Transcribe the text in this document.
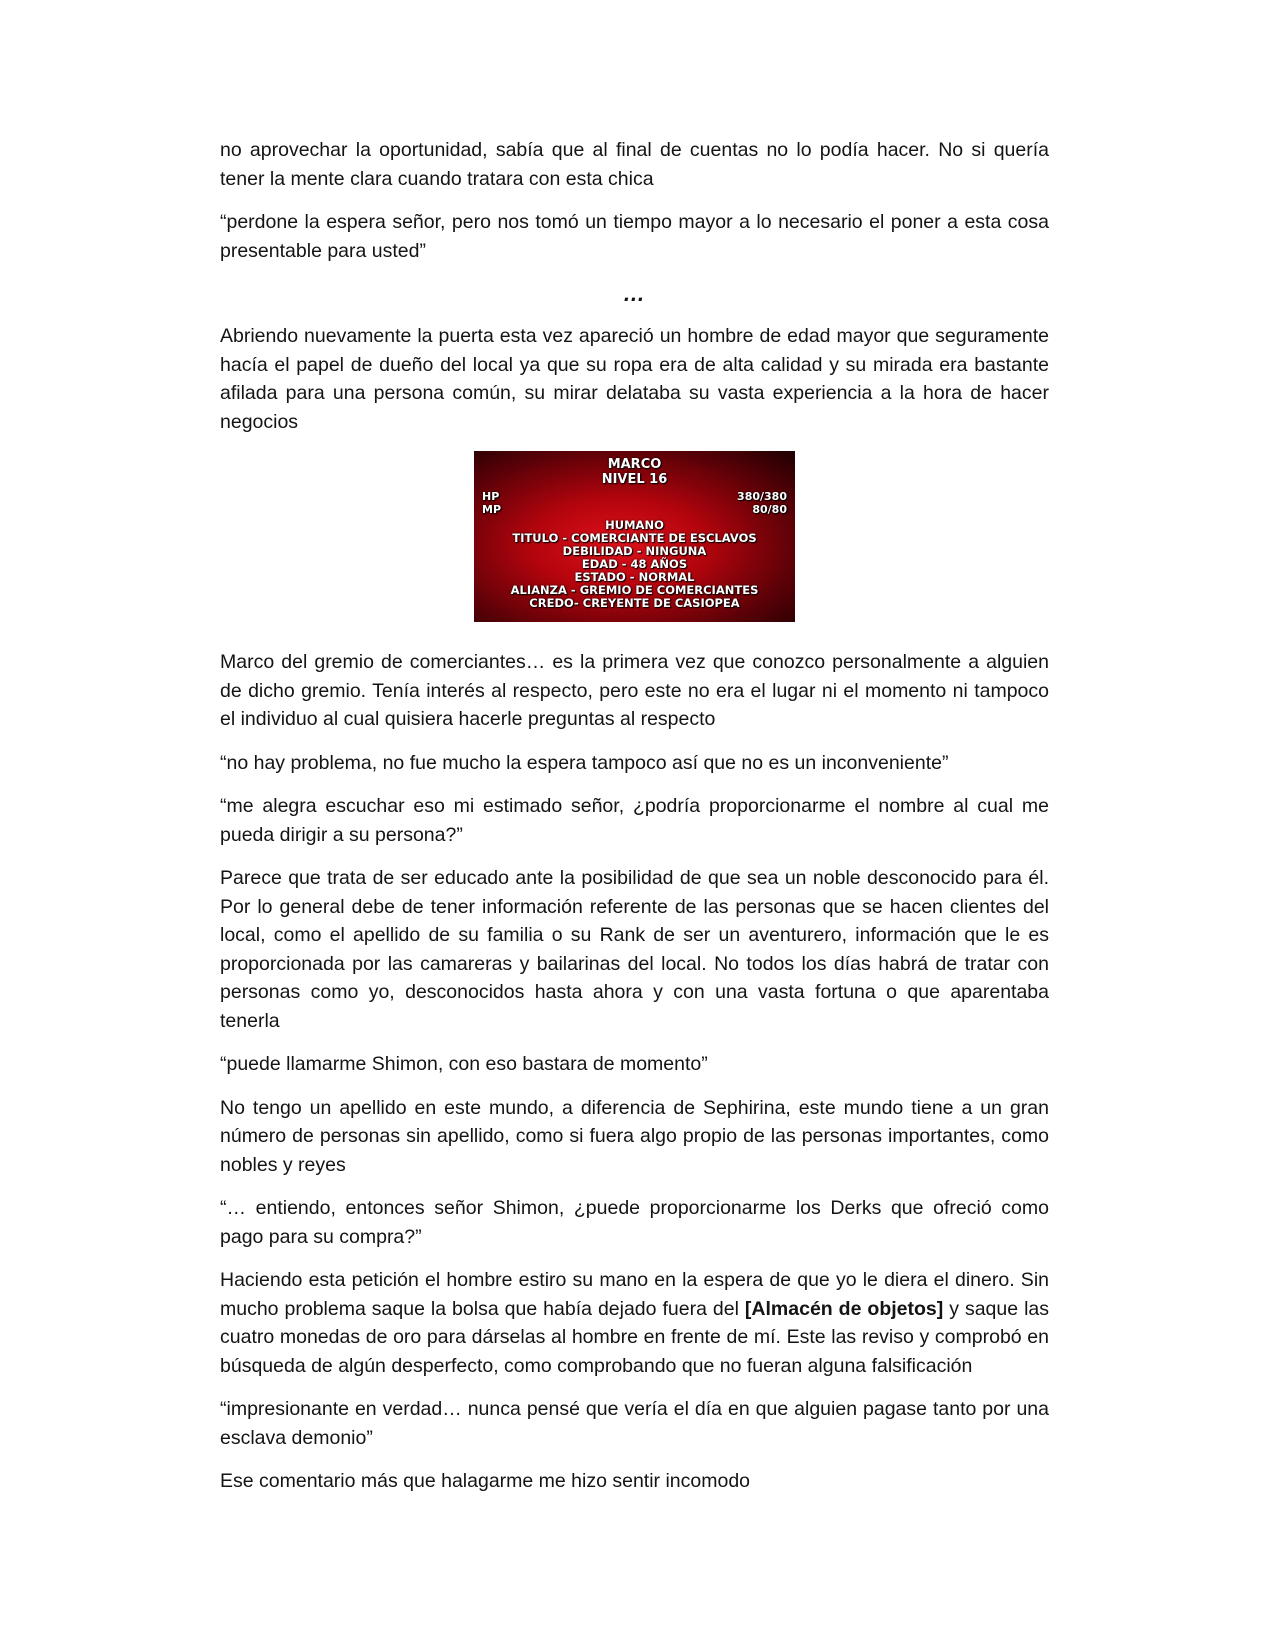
no aprovechar la oportunidad, sabía que al final de cuentas no lo podía hacer. No si quería tener la mente clara cuando tratara con esta chica

“perdone la espera señor, pero nos tomó un tiempo mayor a lo necesario el poner a esta cosa presentable para usted”

…

Abriendo nuevamente la puerta esta vez apareció un hombre de edad mayor que seguramente hacía el papel de dueño del local ya que su ropa era de alta calidad y su mirada era bastante afilada para una persona común, su mirar delataba su vasta experiencia a la hora de hacer negocios

MARCO
NIVEL 16
HP	380/380
MP	80/80
HUMANO
TITULO - COMERCIANTE DE ESCLAVOS
DEBILIDAD - NINGUNA
EDAD - 48 AÑOS
ESTADO - NORMAL
ALIANZA - GREMIO DE COMERCIANTES
CREDO- CREYENTE DE CASIOPEA

Marco del gremio de comerciantes… es la primera vez que conozco personalmente a alguien de dicho gremio. Tenía interés al respecto, pero este no era el lugar ni el momento ni tampoco el individuo al cual quisiera hacerle preguntas al respecto

“no hay problema, no fue mucho la espera tampoco así que no es un inconveniente”

“me alegra escuchar eso mi estimado señor, ¿podría proporcionarme el nombre al cual me pueda dirigir a su persona?”

Parece que trata de ser educado ante la posibilidad de que sea un noble desconocido para él. Por lo general debe de tener información referente de las personas que se hacen clientes del local, como el apellido de su familia o su Rank de ser un aventurero, información que le es proporcionada por las camareras y bailarinas del local. No todos los días habrá de tratar con personas como yo, desconocidos hasta ahora y con una vasta fortuna o que aparentaba tenerla

“puede llamarme Shimon, con eso bastara de momento”

No tengo un apellido en este mundo, a diferencia de Sephirina, este mundo tiene a un gran número de personas sin apellido, como si fuera algo propio de las personas importantes, como nobles y reyes

“… entiendo, entonces señor Shimon, ¿puede proporcionarme los Derks que ofreció como pago para su compra?”

Haciendo esta petición el hombre estiro su mano en la espera de que yo le diera el dinero. Sin mucho problema saque la bolsa que había dejado fuera del [Almacén de objetos] y saque las cuatro monedas de oro para dárselas al hombre en frente de mí. Este las reviso y comprobó en búsqueda de algún desperfecto, como comprobando que no fueran alguna falsificación

“impresionante en verdad… nunca pensé que vería el día en que alguien pagase tanto por una esclava demonio”

Ese comentario más que halagarme me hizo sentir incomodo
